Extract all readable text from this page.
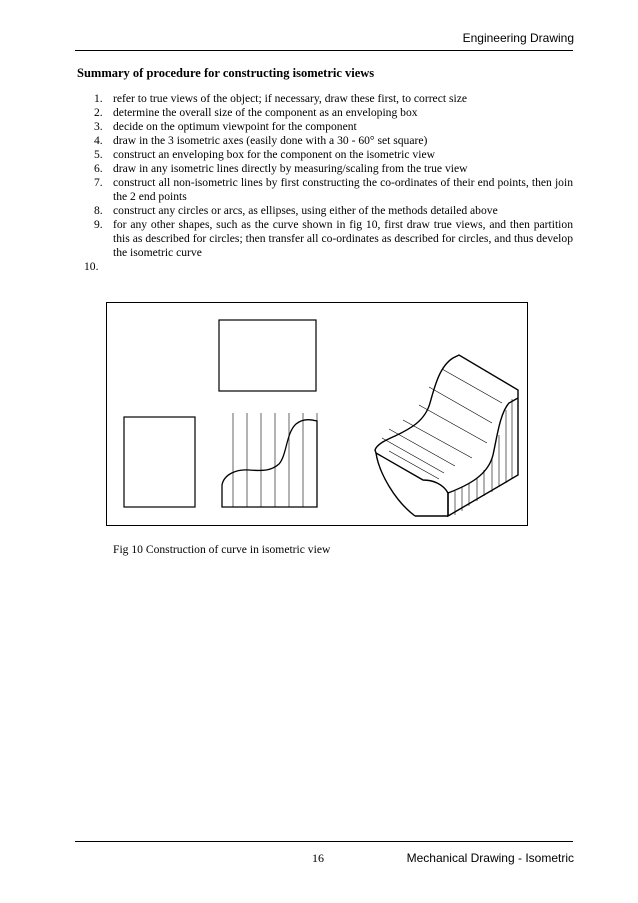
Engineering Drawing
Summary of procedure for constructing isometric views
1. refer to true views of the object; if necessary, draw these first, to correct size
2. determine the overall size of the component as an enveloping box
3. decide on the optimum viewpoint for the component
4. draw in the 3 isometric axes (easily done with a 30 - 60° set square)
5. construct an enveloping box for the component on the isometric view
6. draw in any isometric lines directly by measuring/scaling from the true view
7. construct all non-isometric lines by first constructing the co-ordinates of their end points, then join the 2 end points
8. construct any circles or arcs, as ellipses, using either of the methods detailed above
9. for any other shapes, such as the curve shown in fig 10, first draw true views, and then partition this as described for circles; then transfer all co-ordinates as described for circles, and thus develop the isometric curve
10.
Fig 10 Construction of curve in isometric view
16	Mechanical Drawing - Isometric
